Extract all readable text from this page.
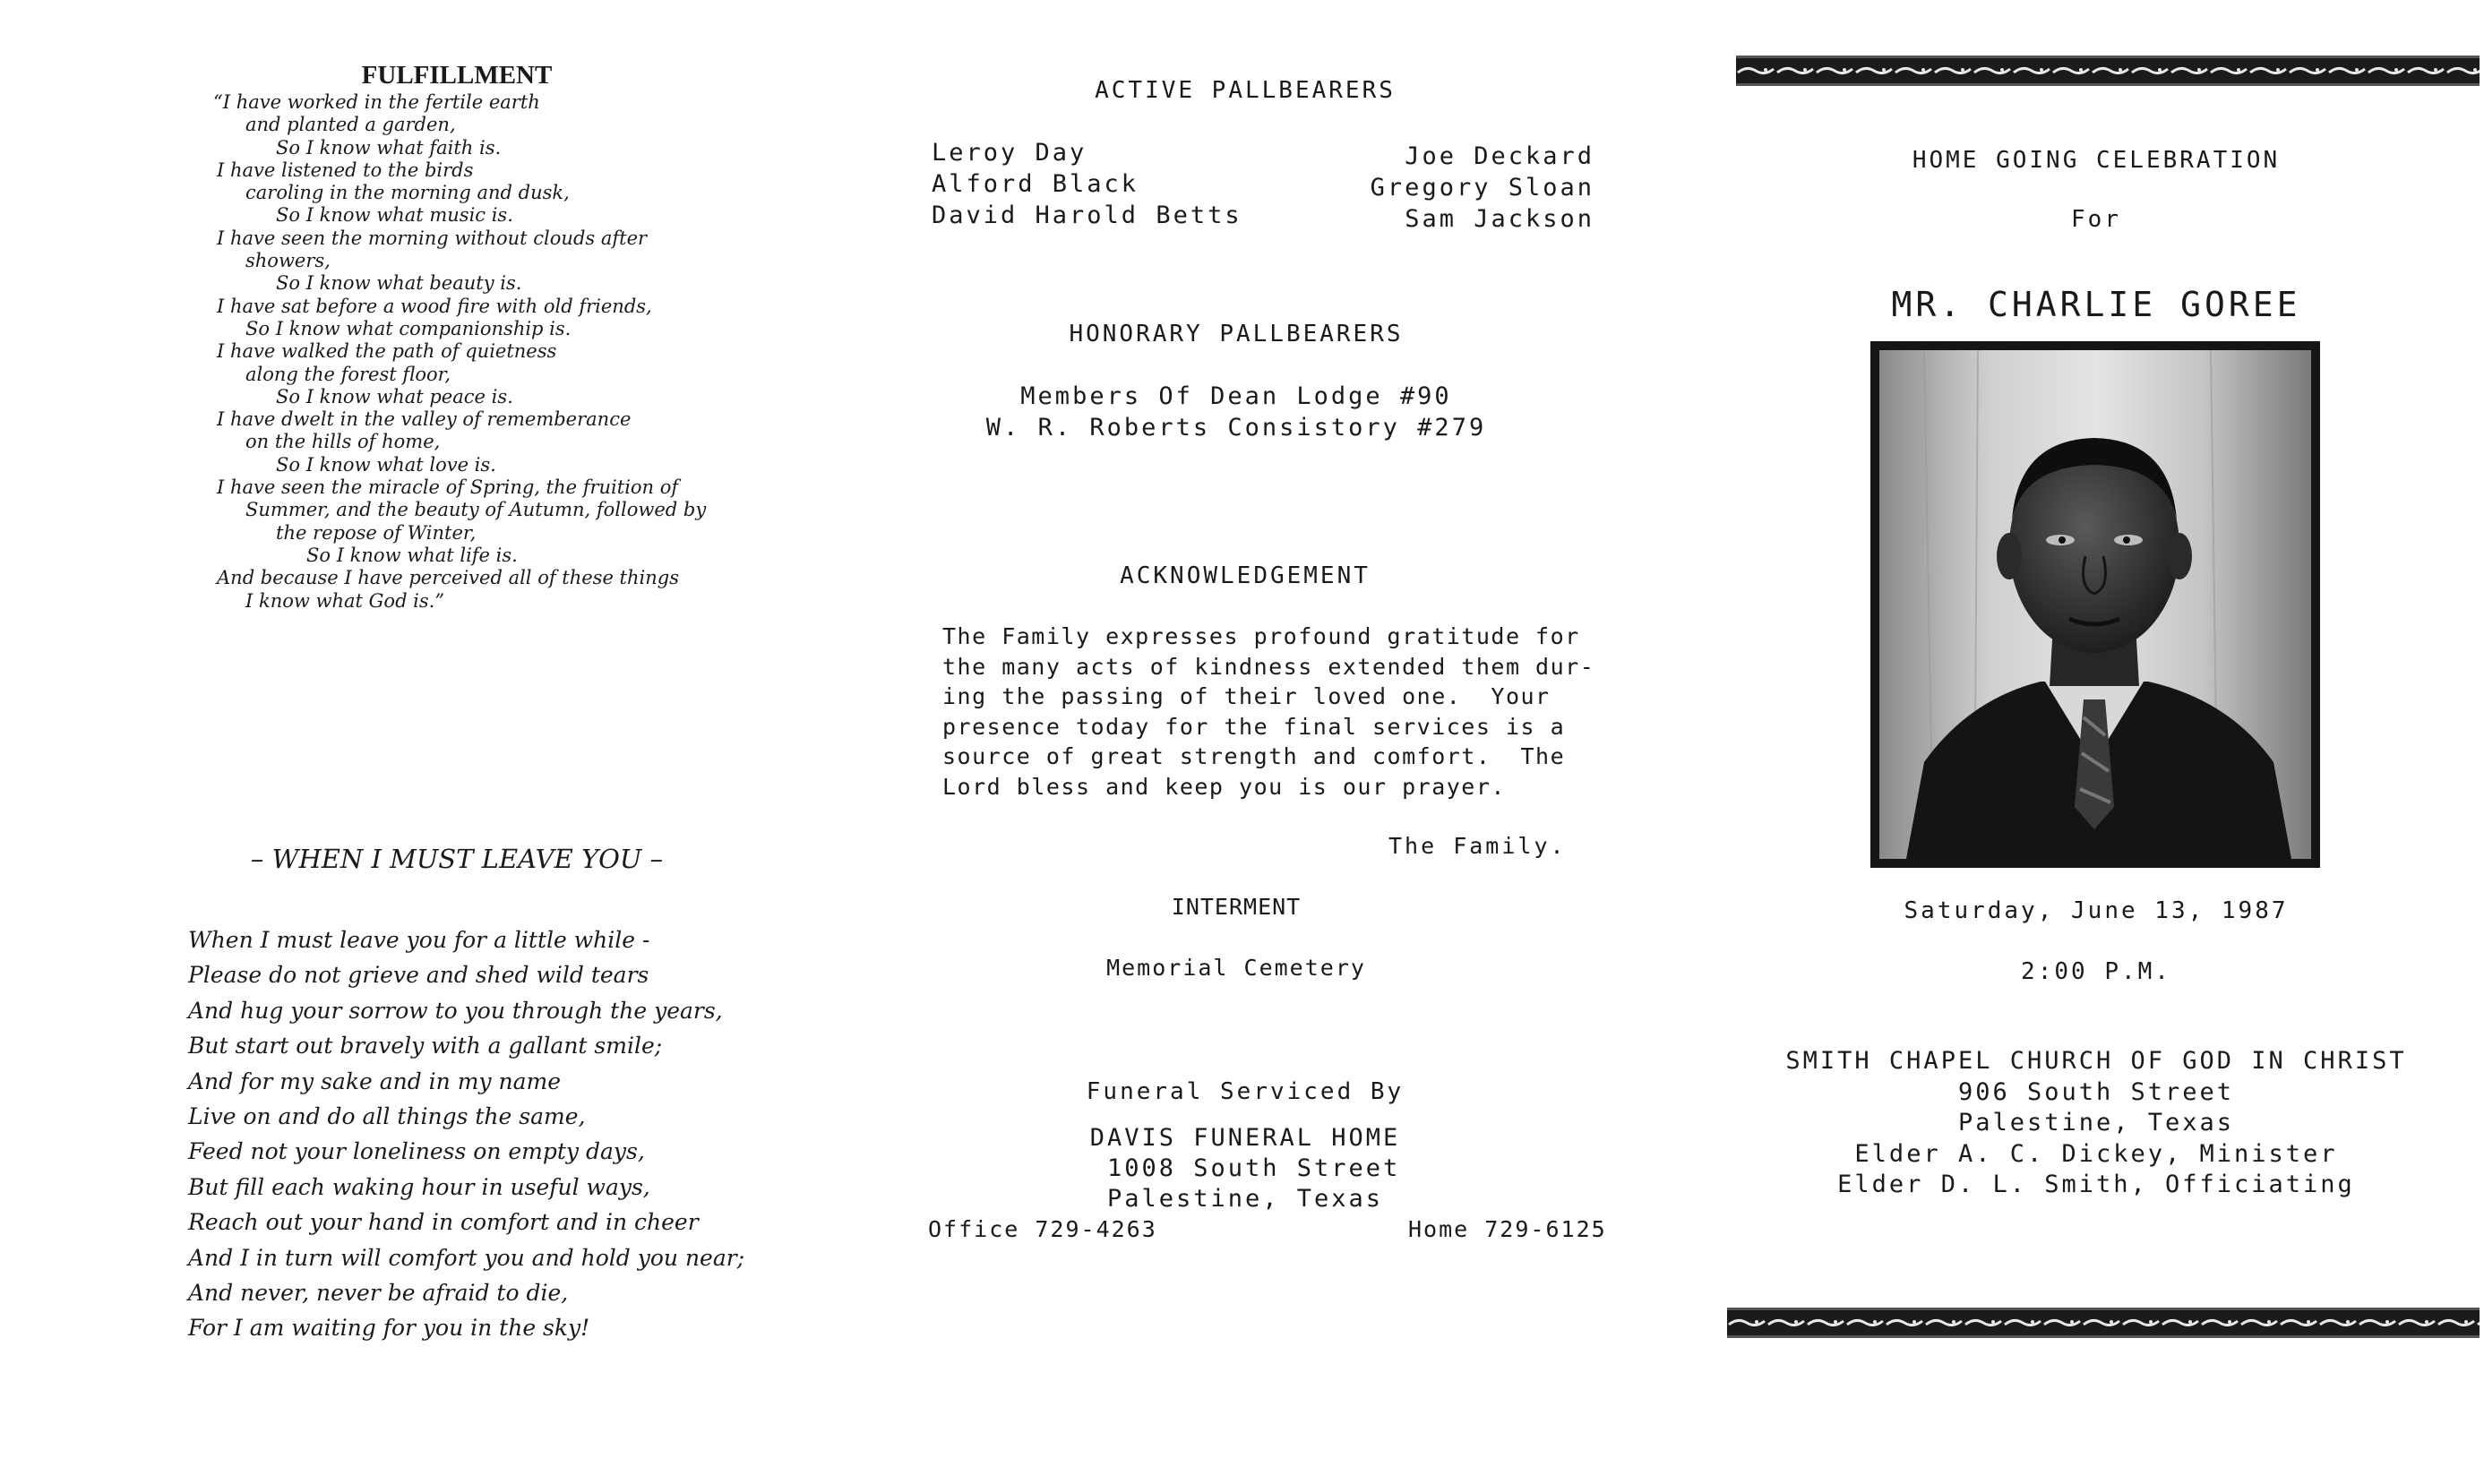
FULFILLMENT
“I have worked in the fertile earth
and planted a garden,
So I know what faith is.
I have listened to the birds
caroling in the morning and dusk,
So I know what music is.
I have seen the morning without clouds after
showers,
So I know what beauty is.
I have sat before a wood fire with old friends,
So I know what companionship is.
I have walked the path of quietness
along the forest floor,
So I know what peace is.
I have dwelt in the valley of rememberance
on the hills of home,
So I know what love is.
I have seen the miracle of Spring, the fruition of
Summer, and the beauty of Autumn, followed by
the repose of Winter,
So I know what life is.
And because I have perceived all of these things
I know what God is.”
– WHEN I MUST LEAVE YOU –
When I must leave you for a little while -
Please do not grieve and shed wild tears
And hug your sorrow to you through the years,
But start out bravely with a gallant smile;
And for my sake and in my name
Live on and do all things the same,
Feed not your loneliness on empty days,
But fill each waking hour in useful ways,
Reach out your hand in comfort and in cheer
And I in turn will comfort you and hold you near;
And never, never be afraid to die,
For I am waiting for you in the sky!
ACTIVE PALLBEARERS
Leroy Day
Alford Black
David Harold Betts
Joe Deckard
Gregory Sloan
Sam Jackson
HONORARY PALLBEARERS
Members Of Dean Lodge #90
W. R. Roberts Consistory #279
ACKNOWLEDGEMENT
The Family expresses profound gratitude for
the many acts of kindness extended them dur-
ing the passing of their loved one.  Your
presence today for the final services is a
source of great strength and comfort.  The
Lord bless and keep you is our prayer.
The Family.
INTERMENT
Memorial Cemetery
Funeral Serviced By
DAVIS FUNERAL HOME
1008 South Street
Palestine, Texas
Office 729-4263	Home 729-6125
HOME GOING CELEBRATION
For
MR. CHARLIE GOREE
Saturday, June 13, 1987
2:00 P.M.
SMITH CHAPEL CHURCH OF GOD IN CHRIST
906 South Street
Palestine, Texas
Elder A. C. Dickey, Minister
Elder D. L. Smith, Officiating
